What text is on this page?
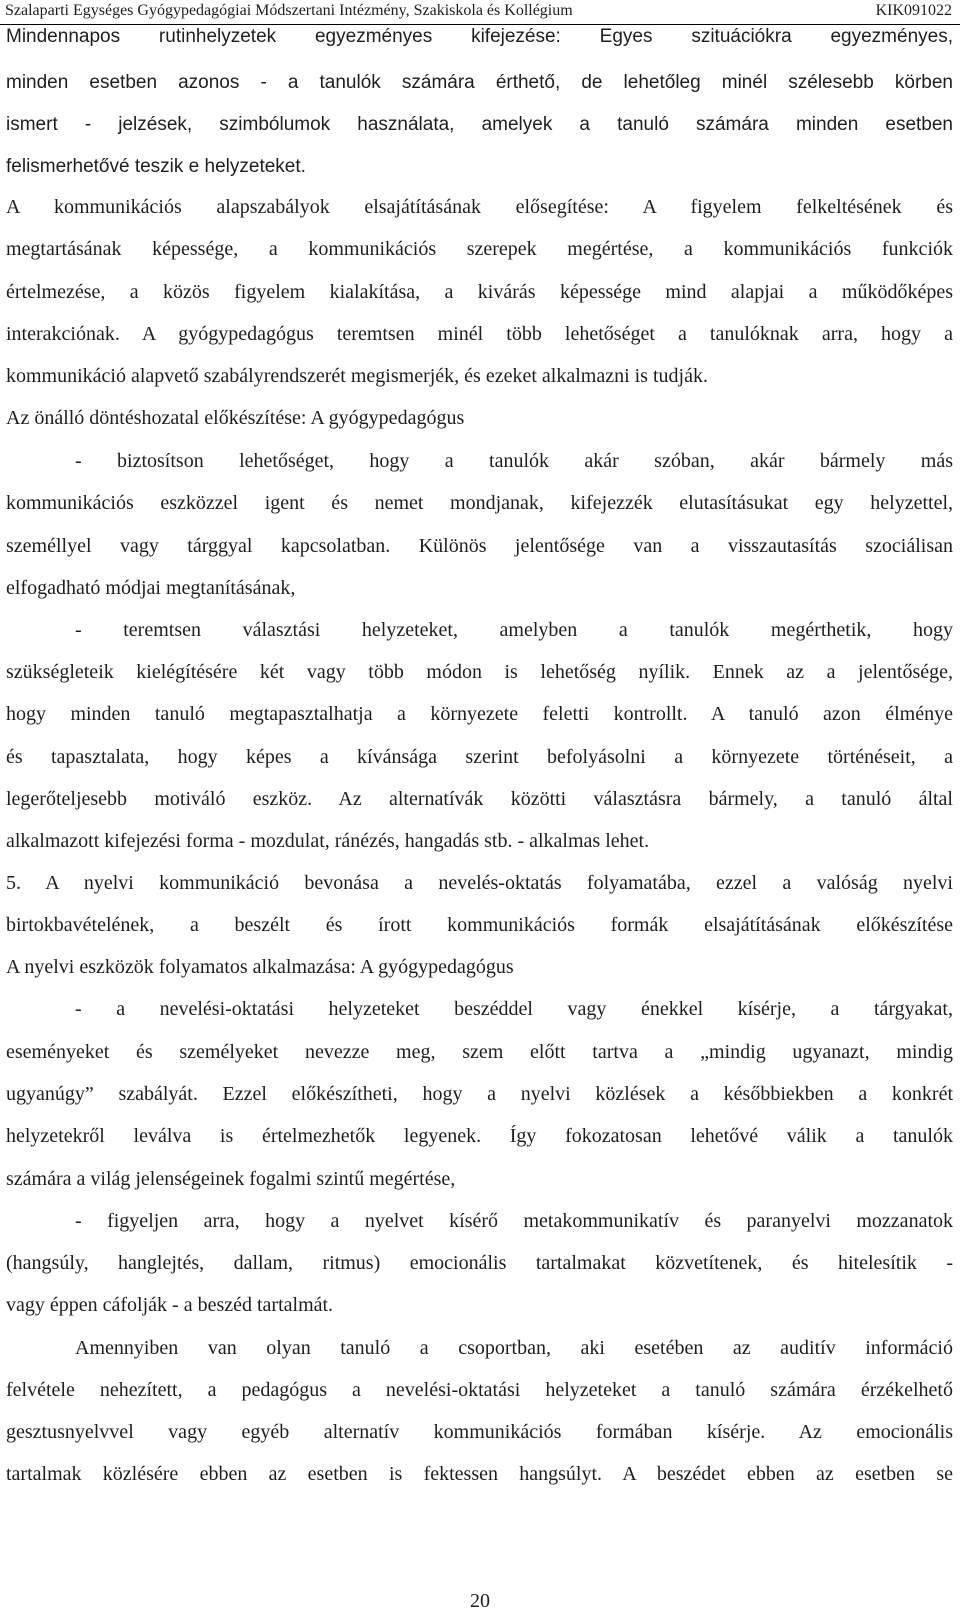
Szalaparti Egységes Gyógypedagógiai Módszertani Intézmény, Szakiskola és Kollégium	KIK091022
Mindennapos rutinhelyzetek egyezményes kifejezése: Egyes szituációkra egyezményes,
minden esetben azonos - a tanulók számára érthető, de lehetőleg minél szélesebb körben
ismert - jelzések, szimbólumok használata, amelyek a tanuló számára minden esetben
felismerhetővé teszik e helyzeteket.
A kommunikációs alapszabályok elsajátításának elősegítése: A figyelem felkeltésének és
megtartásának képessége, a kommunikációs szerepek megértése, a kommunikációs funkciók
értelmezése, a közös figyelem kialakítása, a kivárás képessége mind alapjai a működőképes
interakciónak. A gyógypedagógus teremtsen minél több lehetőséget a tanulóknak arra, hogy a
kommunikáció alapvető szabályrendszerét megismerjék, és ezeket alkalmazni is tudják.
Az önálló döntéshozatal előkészítése: A gyógypedagógus
- biztosítson lehetőséget, hogy a tanulók akár szóban, akár bármely más
kommunikációs eszközzel igent és nemet mondjanak, kifejezzék elutasításukat egy helyzettel,
személlyel vagy tárggyal kapcsolatban. Különös jelentősége van a visszautasítás szociálisan
elfogadható módjai megtanításának,
- teremtsen választási helyzeteket, amelyben a tanulók megérthetik, hogy
szükségleteik kielégítésére két vagy több módon is lehetőség nyílik. Ennek az a jelentősége,
hogy minden tanuló megtapasztalhatja a környezete feletti kontrollt. A tanuló azon élménye
és tapasztalata, hogy képes a kívánsága szerint befolyásolni a környezete történéseit, a
legerőteljesebb motiváló eszköz. Az alternatívák közötti választásra bármely, a tanuló által
alkalmazott kifejezési forma - mozdulat, ránézés, hangadás stb. - alkalmas lehet.
5. A nyelvi kommunikáció bevonása a nevelés-oktatás folyamatába, ezzel a valóság nyelvi
birtokbavételének, a beszélt és írott kommunikációs formák elsajátításának előkészítése
A nyelvi eszközök folyamatos alkalmazása: A gyógypedagógus
- a nevelési-oktatási helyzeteket beszéddel vagy énekkel kísérje, a tárgyakat,
eseményeket és személyeket nevezze meg, szem előtt tartva a „mindig ugyanazt, mindig
ugyanúgy” szabályát. Ezzel előkészítheti, hogy a nyelvi közlések a későbbiekben a konkrét
helyzetekről leválva is értelmezhetők legyenek. Így fokozatosan lehetővé válik a tanulók
számára a világ jelenségeinek fogalmi szintű megértése,
- figyeljen arra, hogy a nyelvet kísérő metakommunikatív és paranyelvi mozzanatok
(hangsúly, hanglejtés, dallam, ritmus) emocionális tartalmakat közvetítenek, és hitelesítik -
vagy éppen cáfolják - a beszéd tartalmát.
Amennyiben van olyan tanuló a csoportban, aki esetében az auditív információ
felvétele nehezített, a pedagógus a nevelési-oktatási helyzeteket a tanuló számára érzékelhető
gesztusnyelvvel vagy egyéb alternatív kommunikációs formában kísérje. Az emocionális
tartalmak közlésére ebben az esetben is fektessen hangsúlyt. A beszédet ebben az esetben se
20
